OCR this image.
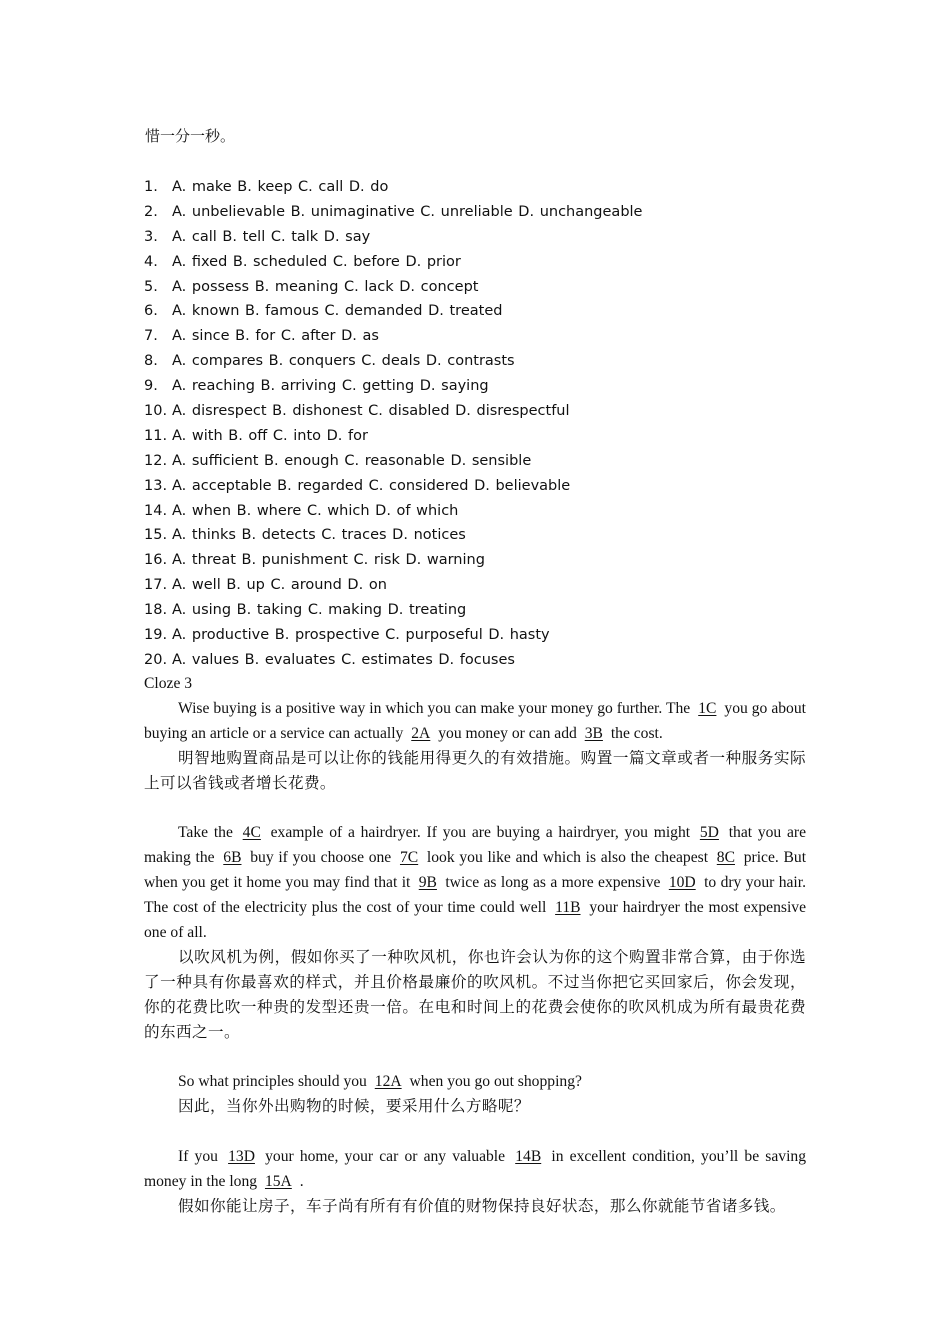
惜一分一秒。

1. A. make B. keep C. call D. do
2. A. unbelievable B. unimaginative C. unreliable D. unchangeable
3. A. call B. tell C. talk D. say
4. A. fixed B. scheduled C. before D. prior
5. A. possess B. meaning C. lack D. concept
6. A. known B. famous C. demanded D. treated
7. A. since B. for C. after D. as
8. A. compares B. conquers C. deals D. contrasts
9. A. reaching B. arriving C. getting D. saying
10. A. disrespect B. dishonest C. disabled D. disrespectful
11. A. with B. off C. into D. for
12. A. sufficient B. enough C. reasonable D. sensible
13. A. acceptable B. regarded C. considered D. believable
14. A. when B. where C. which D. of which
15. A. thinks B. detects C. traces D. notices
16. A. threat B. punishment C. risk D. warning
17. A. well B. up C. around D. on
18. A. using B. taking C. making D. treating
19. A. productive B. prospective C. purposeful D. hasty
20. A. values B. evaluates C. estimates D. focuses

Cloze 3

Wise buying is a positive way in which you can make your money go further. The 1C you go about buying an article or a service can actually 2A you money or can add 3B the cost.

明智地购置商品是可以让你的钱能用得更久的有效措施。购置一篇文章或者一种服务实际上可以省钱或者增长花费。

Take the 4C example of a hairdryer. If you are buying a hairdryer, you might 5D that you are making the 6B buy if you choose one 7C look you like and which is also the cheapest 8C price. But when you get it home you may find that it 9B twice as long as a more expensive 10D to dry your hair. The cost of the electricity plus the cost of your time could well 11B your hairdryer the most expensive one of all.

以吹风机为例，假如你买了一种吹风机，你也许会认为你的这个购置非常合算，由于你选了一种具有你最喜欢的样式，并且价格最廉价的吹风机。不过当你把它买回家后，你会发现，你的花费比吹一种贵的发型还贵一倍。在电和时间上的花费会使你的吹风机成为所有最贵花费的东西之一。

So what principles should you 12A when you go out shopping?

因此，当你外出购物的时候，要采用什么方略呢？

If you 13D your home, your car or any valuable 14B in excellent condition, you’ll be saving money in the long 15A .

假如你能让房子，车子尚有所有有价值的财物保持良好状态，那么你就能节省诸多钱。
